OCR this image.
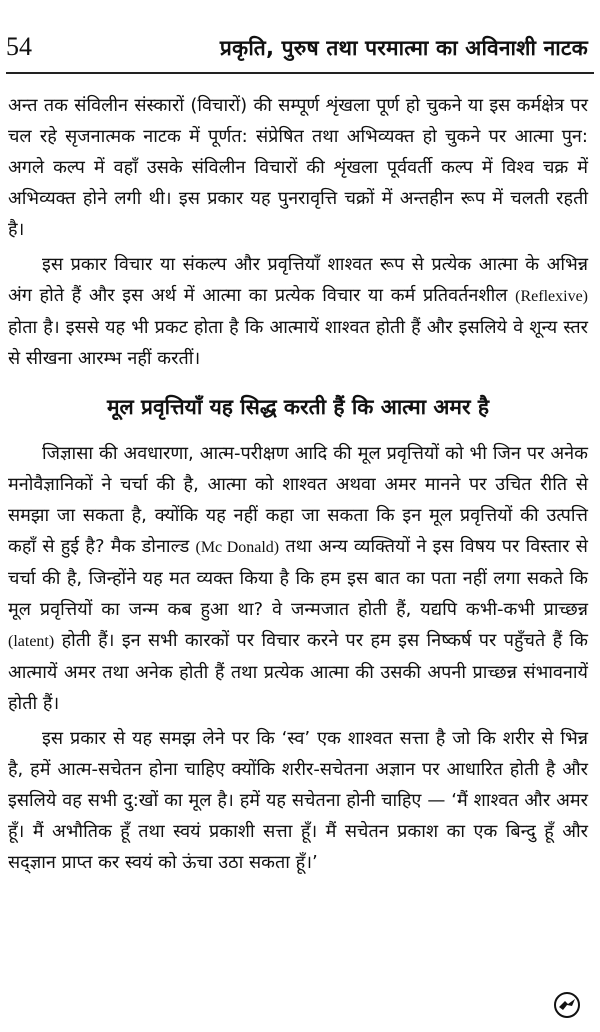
54	प्रकृति, पुरुष तथा परमात्मा का अविनाशी नाटक

अन्त तक संविलीन संस्कारों (विचारों) की सम्पूर्ण शृंखला पूर्ण हो चुकने या इस कर्मक्षेत्र पर चल रहे सृजनात्मक नाटक में पूर्णत: संप्रेषित तथा अभिव्यक्त हो चुकने पर आत्मा पुन: अगले कल्प में वहाँ उसके संविलीन विचारों की शृंखला पूर्ववर्ती कल्प में विश्व चक्र में अभिव्यक्त होने लगी थी। इस प्रकार यह पुनरावृत्ति चक्रों में अन्तहीन रूप में चलती रहती है।

इस प्रकार विचार या संकल्प और प्रवृत्तियाँ शाश्वत रूप से प्रत्येक आत्मा के अभिन्न अंग होते हैं और इस अर्थ में आत्मा का प्रत्येक विचार या कर्म प्रतिवर्तनशील (Reflexive) होता है। इससे यह भी प्रकट होता है कि आत्मायें शाश्वत होती हैं और इसलिये वे शून्य स्तर से सीखना आरम्भ नहीं करतीं।

मूल प्रवृत्तियाँ यह सिद्ध करती हैं कि आत्मा अमर है

जिज्ञासा की अवधारणा, आत्म-परीक्षण आदि की मूल प्रवृत्तियों को भी जिन पर अनेक मनोवैज्ञानिकों ने चर्चा की है, आत्मा को शाश्वत अथवा अमर मानने पर उचित रीति से समझा जा सकता है, क्योंकि यह नहीं कहा जा सकता कि इन मूल प्रवृत्तियों की उत्पत्ति कहाँ से हुई है? मैक डोनाल्ड (Mc Donald) तथा अन्य व्यक्तियों ने इस विषय पर विस्तार से चर्चा की है, जिन्होंने यह मत व्यक्त किया है कि हम इस बात का पता नहीं लगा सकते कि मूल प्रवृत्तियों का जन्म कब हुआ था? वे जन्मजात होती हैं, यद्यपि कभी-कभी प्राच्छन्न (latent) होती हैं। इन सभी कारकों पर विचार करने पर हम इस निष्कर्ष पर पहुँचते हैं कि आत्मायें अमर तथा अनेक होती हैं तथा प्रत्येक आत्मा की उसकी अपनी प्राच्छन्न संभावनायें होती हैं।

इस प्रकार से यह समझ लेने पर कि ‘स्व’ एक शाश्वत सत्ता है जो कि शरीर से भिन्न है, हमें आत्म-सचेतन होना चाहिए क्योंकि शरीर-सचेतना अज्ञान पर आधारित होती है और इसलिये वह सभी दु:खों का मूल है। हमें यह सचेतना होनी चाहिए — ‘मैं शाश्वत और अमर हूँ। मैं अभौतिक हूँ तथा स्वयं प्रकाशी सत्ता हूँ। मैं सचेतन प्रकाश का एक बिन्दु हूँ और सद्ज्ञान प्राप्त कर स्वयं को ऊंचा उठा सकता हूँ।’
